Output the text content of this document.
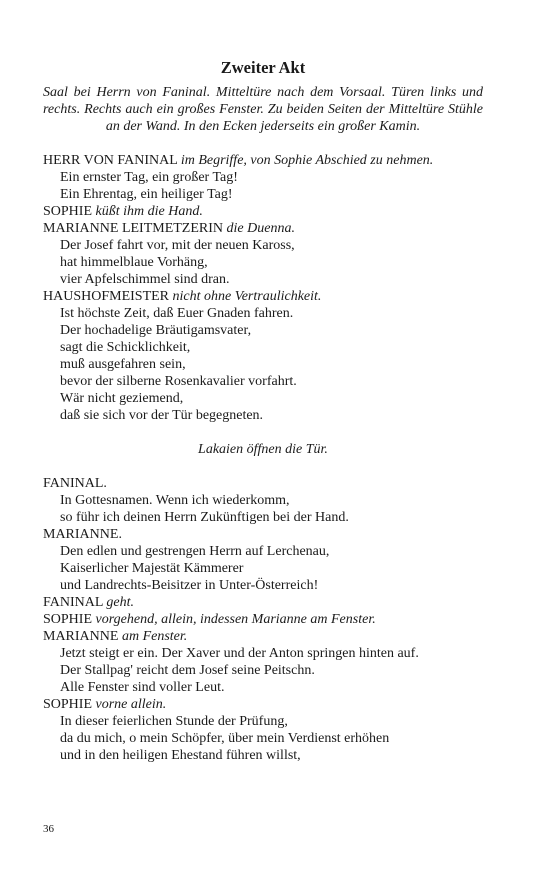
Zweiter Akt
Saal bei Herrn von Faninal. Mitteltüre nach dem Vorsaal. Türen links und rechts. Rechts auch ein großes Fenster. Zu beiden Seiten der Mitteltüre Stühle an der Wand. In den Ecken jederseits ein großer Kamin.
HERR VON FANINAL im Begriffe, von Sophie Abschied zu nehmen.
Ein ernster Tag, ein großer Tag!
Ein Ehrentag, ein heiliger Tag!
SOPHIE küßt ihm die Hand.
MARIANNE LEITMETZERIN die Duenna.
Der Josef fahrt vor, mit der neuen Kaross,
hat himmelblaue Vorhäng,
vier Apfelschimmel sind dran.
HAUSHOFMEISTER nicht ohne Vertraulichkeit.
Ist höchste Zeit, daß Euer Gnaden fahren.
Der hochadelige Bräutigamsvater,
sagt die Schicklichkeit,
muß ausgefahren sein,
bevor der silberne Rosenkavalier vorfahrt.
Wär nicht geziemend,
daß sie sich vor der Tür begegneten.
Lakaien öffnen die Tür.
FANINAL.
In Gottesnamen. Wenn ich wiederkomm,
so führ ich deinen Herrn Zukünftigen bei der Hand.
MARIANNE.
Den edlen und gestrengen Herrn auf Lerchenau,
Kaiserlicher Majestät Kämmerer
und Landrechts-Beisitzer in Unter-Österreich!
FANINAL geht.
SOPHIE vorgehend, allein, indessen Marianne am Fenster.
MARIANNE am Fenster.
Jetzt steigt er ein. Der Xaver und der Anton springen hinten auf.
Der Stallpag' reicht dem Josef seine Peitschn.
Alle Fenster sind voller Leut.
SOPHIE vorne allein.
In dieser feierlichen Stunde der Prüfung,
da du mich, o mein Schöpfer, über mein Verdienst erhöhen
und in den heiligen Ehestand führen willst,
36
